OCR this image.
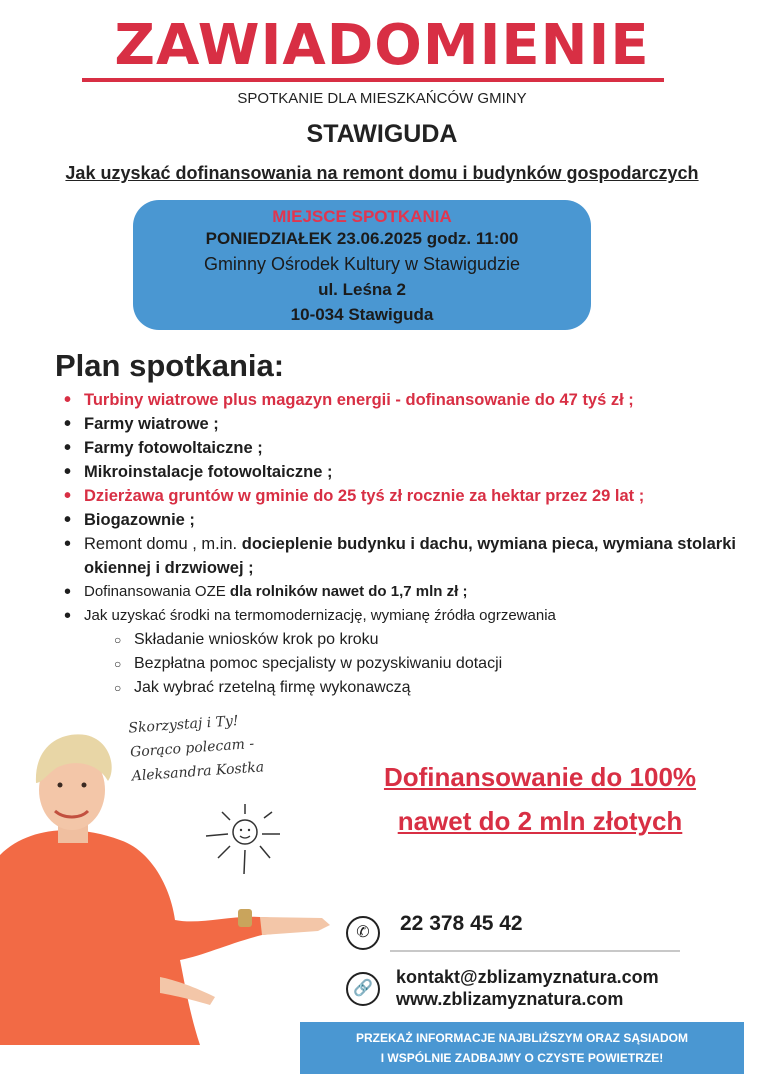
ZAWIADOMIENIE
SPOTKANIE DLA MIESZKAŃCÓW GMINY
STAWIGUDA
Jak uzyskać dofinansowania na remont domu i budynków gospodarczych
MIEJSCE SPOTKANIA
PONIEDZIAŁEK 23.06.2025 godz. 11:00
Gminny Ośrodek Kultury w Stawigudzie
ul. Leśna 2
10-034 Stawiguda
Plan spotkania:
• Turbiny wiatrowe plus magazyn energii - dofinansowanie do 47 tyś zł ;
• Farmy wiatrowe ;
• Farmy fotowoltaiczne ;
• Mikroinstalacje fotowoltaiczne ;
• Dzierżawa gruntów w gminie do 25 tyś zł rocznie za hektar przez 29 lat ;
• Biogazownie ;
• Remont domu , m.in. docieplenie budynku i dachu, wymiana pieca, wymiana stolarki okiennej i drzwiowej ;
• Dofinansowania OZE dla rolników nawet do 1,7 mln zł ;
• Jak uzyskać środki na termomodernizację, wymianę źródła ogrzewania
○ Składanie wniosków krok po kroku
○ Bezpłatna pomoc specjalisty w pozyskiwaniu dotacji
○ Jak wybrać rzetelną firmę wykonawczą
Skorzystaj i Ty!
Gorąco polecam -
Aleksandra Kostka	Dofinansowanie do 100%
nawet do 2 mln złotych
✆	22 378 45 42
🔗
kontakt@zblizamyznatura.com
www.zblizamyznatura.com
PRZEKAŻ INFORMACJE NAJBLIŻSZYM ORAZ SĄSIADOM
I WSPÓLNIE ZADBAJMY O CZYSTE POWIETRZE!
